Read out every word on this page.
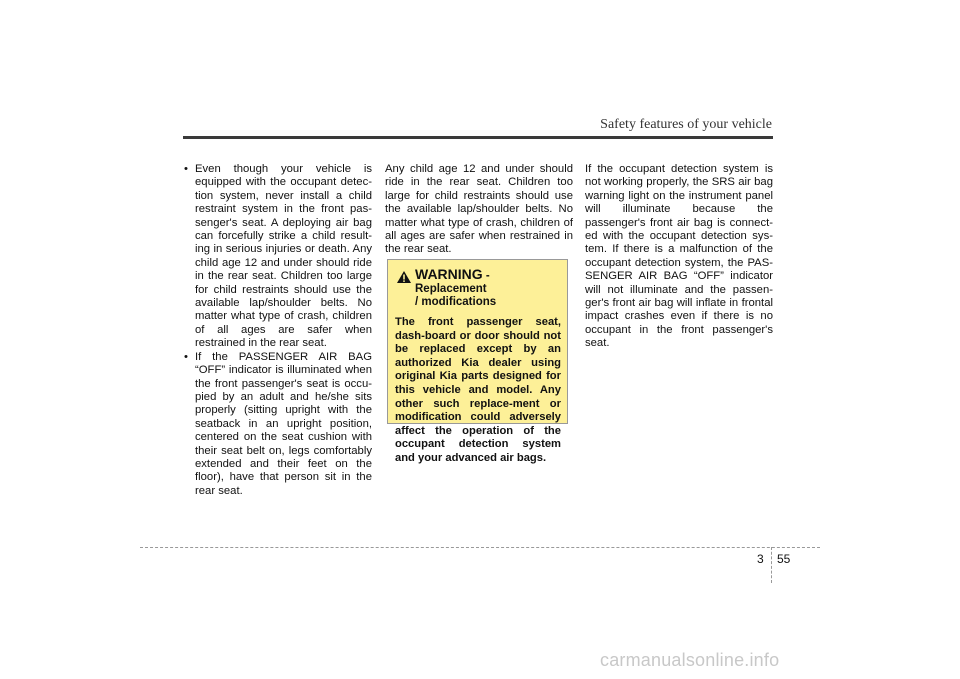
Safety features of your vehicle

• Even though your vehicle is equipped with the occupant detec-tion system, never install a child restraint system in the front pas-senger's seat. A deploying air bag can forcefully strike a child result-ing in serious injuries or death. Any child age 12 and under should ride in the rear seat. Children too large for child restraints should use the available lap/shoulder belts. No matter what type of crash, children of all ages are safer when restrained in the rear seat.

• If the PASSENGER AIR BAG “OFF” indicator is illuminated when the front passenger's seat is occu-pied by an adult and he/she sits properly (sitting upright with the seatback in an upright position, centered on the seat cushion with their seat belt on, legs comfortably extended and their feet on the floor), have that person sit in the rear seat.

Any child age 12 and under should ride in the rear seat. Children too large for child restraints should use the available lap/shoulder belts. No matter what type of crash, children of all ages are safer when restrained in the rear seat.

WARNING - Replacement
/ modifications
The front passenger seat, dash-board or door should not be replaced except by an authorized Kia dealer using original Kia parts designed for this vehicle and model. Any other such replace-ment or modification could adversely affect the operation of the occupant detection system and your advanced air bags.

If the occupant detection system is not working properly, the SRS air bag warning light on the instrument panel will illuminate because the passenger's front air bag is connect-ed with the occupant detection sys-tem. If there is a malfunction of the occupant detection system, the PAS-SENGER AIR BAG “OFF” indicator will not illuminate and the passen-ger's front air bag will inflate in frontal impact crashes even if there is no occupant in the front passenger's seat.

3 55
carmanualsonline.info
